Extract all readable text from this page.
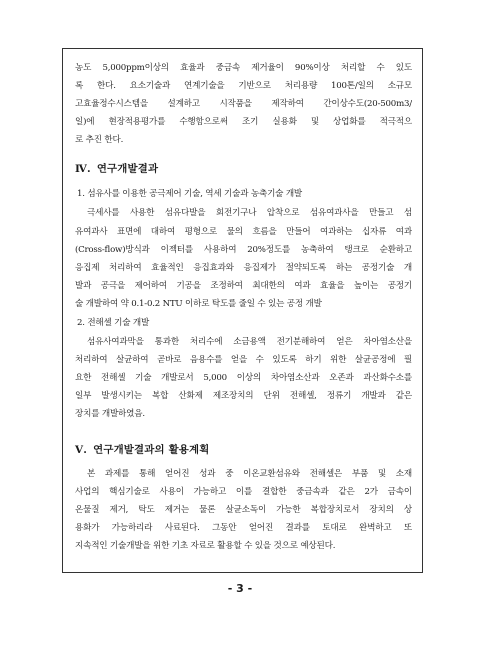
농도 5,000ppm이상의 효율과 중금속 제거율이 90%이상 처리할 수 있도
록 한다. 요소기술과 연계기술을 기반으로 처리용량 100톤/일의 소규모
고효율정수시스템을 설계하고 시작품을 제작하여 간이상수도(20-500m3/
일)에 현장적용평가를 수행함으로써 조기 실용화 및 상업화를 적극적으
로 추진 한다.
Ⅳ. 연구개발결과
1. 섬유사를 이용한 공극제어 기술, 역세 기술과 농축기술 개발
극세사를 사용한 섬유다발을 회전기구나 압착으로 섬유여과사을 만들고 섬
유여과사 표면에 대하여 평형으로 물의 흐름을 만들어 여과하는 십자류 여과
(Cross-flow)방식과 이젝터를 사용하여 20%정도를 농축하여 탱크로 순환하고
응집제 처리하여 효율적인 응집효과와 응집제가 절약되도록 하는 공정기술 개
발과 공극을 제어하여 기공을 조정하여 최대한의 여과 효율을 높이는 공정기
술 개발하여 약 0.1-0.2 NTU 이하로 탁도를 줄일 수 있는 공정 개발
2. 전해셀 기술 개발
섬유사여과막을 통과한 처리수에 소금용액 전기분해하여 얻은 차아염소산을
처리하여 살균하여 곧바로 음용수를 얻을 수 있도록 하기 위한 살균공정에 필
요한 전해셀 기술 개발로서 5,000 이상의 차아염소산과 오존과 과산화수소를
일부 발생시키는 복합 산화제 제조장치의 단위 전해셀, 정류기 개발과 같은
장치를 개발하였음.
Ⅴ. 연구개발결과의 활용계획
본 과제를 통해 얻어진 성과 중 이온교환섬유와 전해셀은 부품 및 소재
사업의 핵심기술로 사용이 가능하고 이를 결합한 중금속과 같은 2가 금속이
온물질 제거, 탁도 제거는 물론 살균소독이 가능한 복합장치로서 장치의 상
용화가 가능하리라 사료된다. 그동안 얻어진 결과를 토대로 완벽하고 또
지속적인 기술개발을 위한 기초 자료로 활용할 수 있을 것으로 예상된다.
- 3 -
